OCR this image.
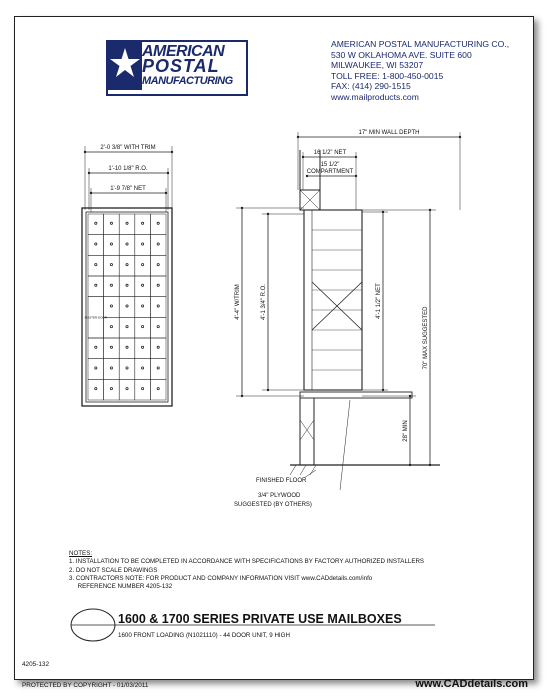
AMERICAN
POSTAL
MANUFACTURING
AMERICAN POSTAL MANUFACTURING CO.,
530 W OKLAHOMA AVE. SUITE 600
MILWAUKEE, WI 53207
TOLL FREE: 1-800-450-0015
FAX: (414) 290-1515
www.mailproducts.com
MASTER DOOR
2'-0 3/8" WITH TRIM
1'-10 1/8" R.O.
1'-9 7/8" NET
17" MIN WALL DEPTH
16 1/2" NET
15 1/2"
COMPARTMENT
4'-4" W/TRIM	4'-1 3/4" R.O.	4'-1 1/2" NET
70" MAX SUGGESTED
28" MIN
FINISHED FLOOR
3/4" PLYWOOD
SUGGESTED (BY OTHERS)
NOTES:
1. INSTALLATION TO BE COMPLETED IN ACCORDANCE WITH SPECIFICATIONS BY FACTORY AUTHORIZED INSTALLERS
2. DO NOT SCALE DRAWINGS
3. CONTRACTORS NOTE: FOR PRODUCT AND COMPANY INFORMATION VISIT www.CADdetails.com/info
REFERENCE NUMBER 4205-132
1600 & 1700 SERIES PRIVATE USE MAILBOXES
1600 FRONT LOADING (N1021110) - 44 DOOR UNIT, 9 HIGH
4205-132
PROTECTED BY COPYRIGHT - 01/03/2011	www.CADdetails.com
